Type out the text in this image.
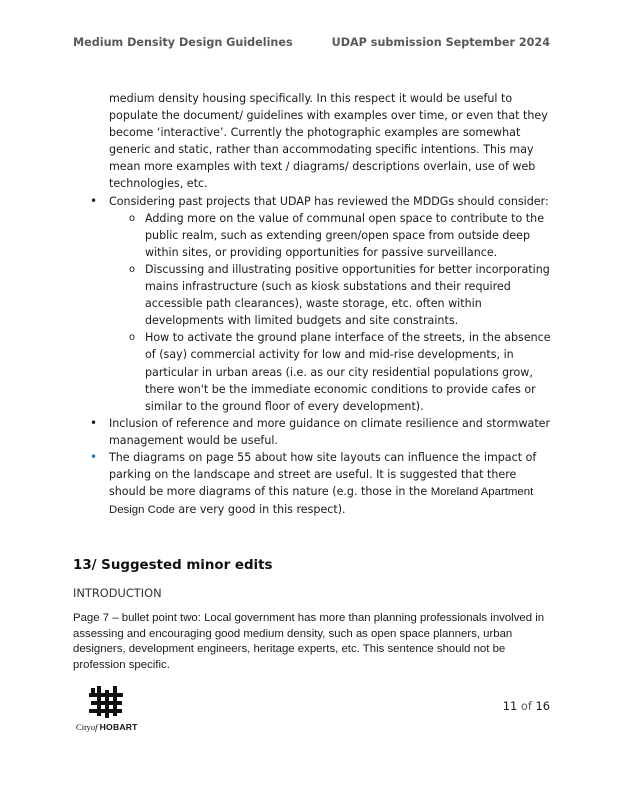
Medium Density Design Guidelines	UDAP submission September 2024

medium density housing specifically. In this respect it would be useful to populate the document/ guidelines with examples over time, or even that they become ‘interactive’. Currently the photographic examples are somewhat generic and static, rather than accommodating specific intentions. This may mean more examples with text / diagrams/ descriptions overlain, use of web technologies, etc.

• Considering past projects that UDAP has reviewed the MDDGs should consider:
o Adding more on the value of communal open space to contribute to the public realm, such as extending green/open space from outside deep within sites, or providing opportunities for passive surveillance.
o Discussing and illustrating positive opportunities for better incorporating mains infrastructure (such as kiosk substations and their required accessible path clearances), waste storage, etc. often within developments with limited budgets and site constraints.
o How to activate the ground plane interface of the streets, in the absence of (say) commercial activity for low and mid-rise developments, in particular in urban areas (i.e. as our city residential populations grow, there won't be the immediate economic conditions to provide cafes or similar to the ground floor of every development).
• Inclusion of reference and more guidance on climate resilience and stormwater management would be useful.
• The diagrams on page 55 about how site layouts can influence the impact of parking on the landscape and street are useful. It is suggested that there should be more diagrams of this nature (e.g. those in the Moreland Apartment Design Code are very good in this respect).
13/ Suggested minor edits
INTRODUCTION
Page 7 – bullet point two: Local government has more than planning professionals involved in assessing and encouraging good medium density, such as open space planners, urban designers, development engineers, heritage experts, etc. This sentence should not be profession specific.
Cityof HOBART
11 of 16
